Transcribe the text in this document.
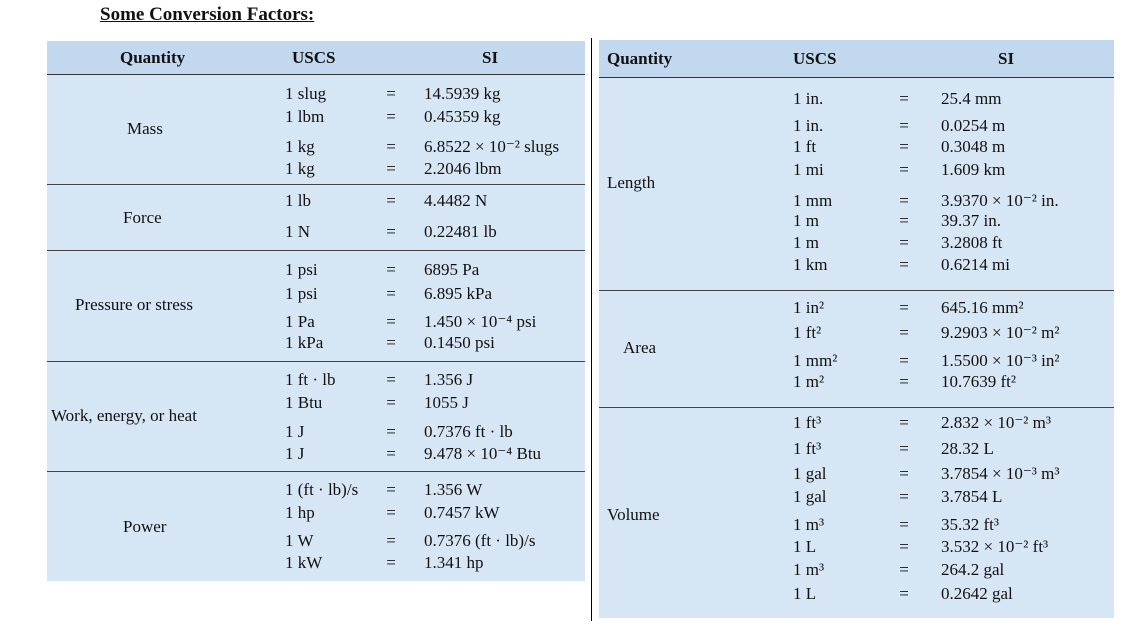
Some Conversion Factors:
Quantity	USCS	SI
Mass
1 slug	= 14.5939 kg
1 lbm	= 0.45359 kg
1 kg	= 6.8522 × 10⁻² slugs
1 kg	= 2.2046 lbm
Force
1 lb	= 4.4482 N
1 N	= 0.22481 lb
Pressure or stress
1 psi	= 6895 Pa
1 psi	= 6.895 kPa
1 Pa	= 1.450 × 10⁻⁴ psi
1 kPa	= 0.1450 psi
Work, energy, or heat
1 ft · lb	= 1.356 J
1 Btu	= 1055 J
1 J	= 0.7376 ft · lb
1 J	= 9.478 × 10⁻⁴ Btu
Power
1 (ft · lb)/s = 1.356 W
1 hp	= 0.7457 kW
1 W	= 0.7376 (ft · lb)/s
1 kW	= 1.341 hp
Quantity	USCS	SI
Length
1 in.	= 25.4 mm
1 in.	= 0.0254 m
1 ft	= 0.3048 m
1 mi	= 1.609 km
1 mm	= 3.9370 × 10⁻² in.
1 m	= 39.37 in.
1 m	= 3.2808 ft
1 km	= 0.6214 mi
Area
1 in²	= 645.16 mm²
1 ft²	= 9.2903 × 10⁻² m²
1 mm²	= 1.5500 × 10⁻³ in²
1 m²	= 10.7639 ft²
Volume
1 ft³	= 2.832 × 10⁻² m³
1 ft³	= 28.32 L
1 gal	= 3.7854 × 10⁻³ m³
1 gal	= 3.7854 L
1 m³	= 35.32 ft³
1 L	= 3.532 × 10⁻² ft³
1 m³	= 264.2 gal
1 L	= 0.2642 gal
